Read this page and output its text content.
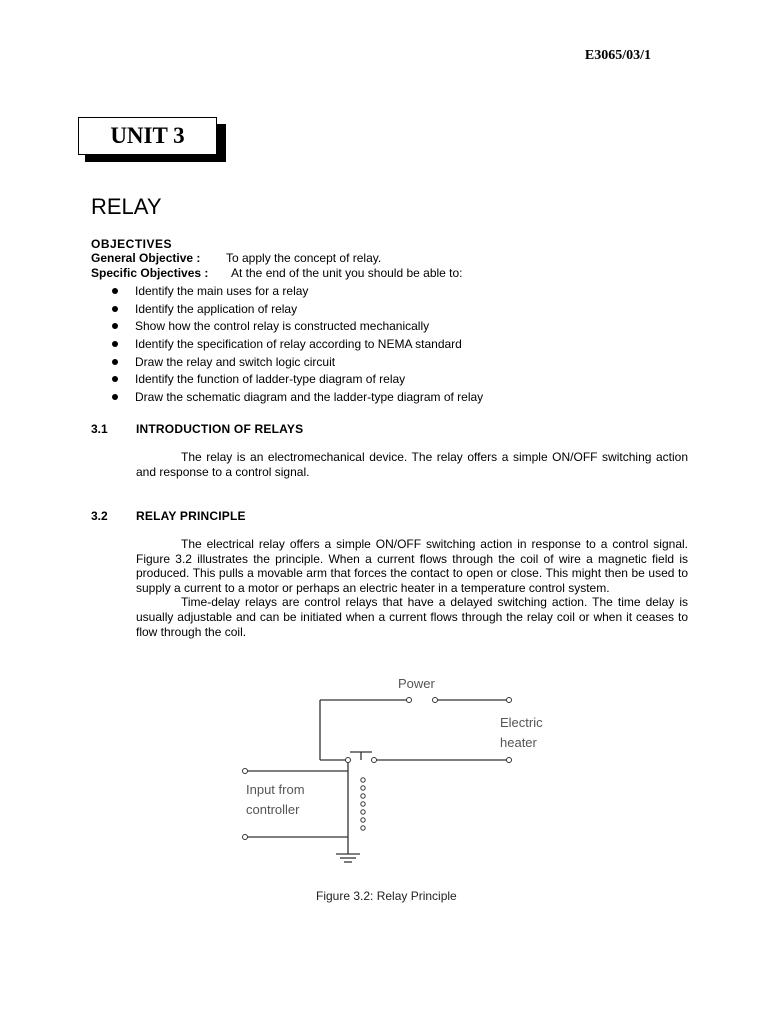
E3065/03/1
UNIT 3
RELAY
OBJECTIVES
General Objective : To apply the concept of relay.
Specific Objectives : At the end of the unit you should be able to:
Identify the main uses for a relay
Identify the application of relay
Show how the control relay is constructed mechanically
Identify the specification of relay according to NEMA standard
Draw the relay and switch logic circuit
Identify the function of ladder-type diagram of relay
Draw the schematic diagram and the ladder-type diagram of relay
3.1 INTRODUCTION OF RELAYS

The relay is an electromechanical device. The relay offers a simple ON/OFF switching action and response to a control signal.

3.2 RELAY PRINCIPLE

The electrical relay offers a simple ON/OFF switching action in response to a control signal. Figure 3.2 illustrates the principle. When a current flows through the coil of wire a magnetic field is produced. This pulls a movable arm that forces the contact to open or close. This might then be used to supply a current to a motor or perhaps an electric heater in a temperature control system.

Time-delay relays are control relays that have a delayed switching action. The time delay is usually adjustable and can be initiated when a current flows through the relay coil or when it ceases to flow through the coil.

Power
Electric
heater
Input from
controller
Figure 3.2: Relay Principle
